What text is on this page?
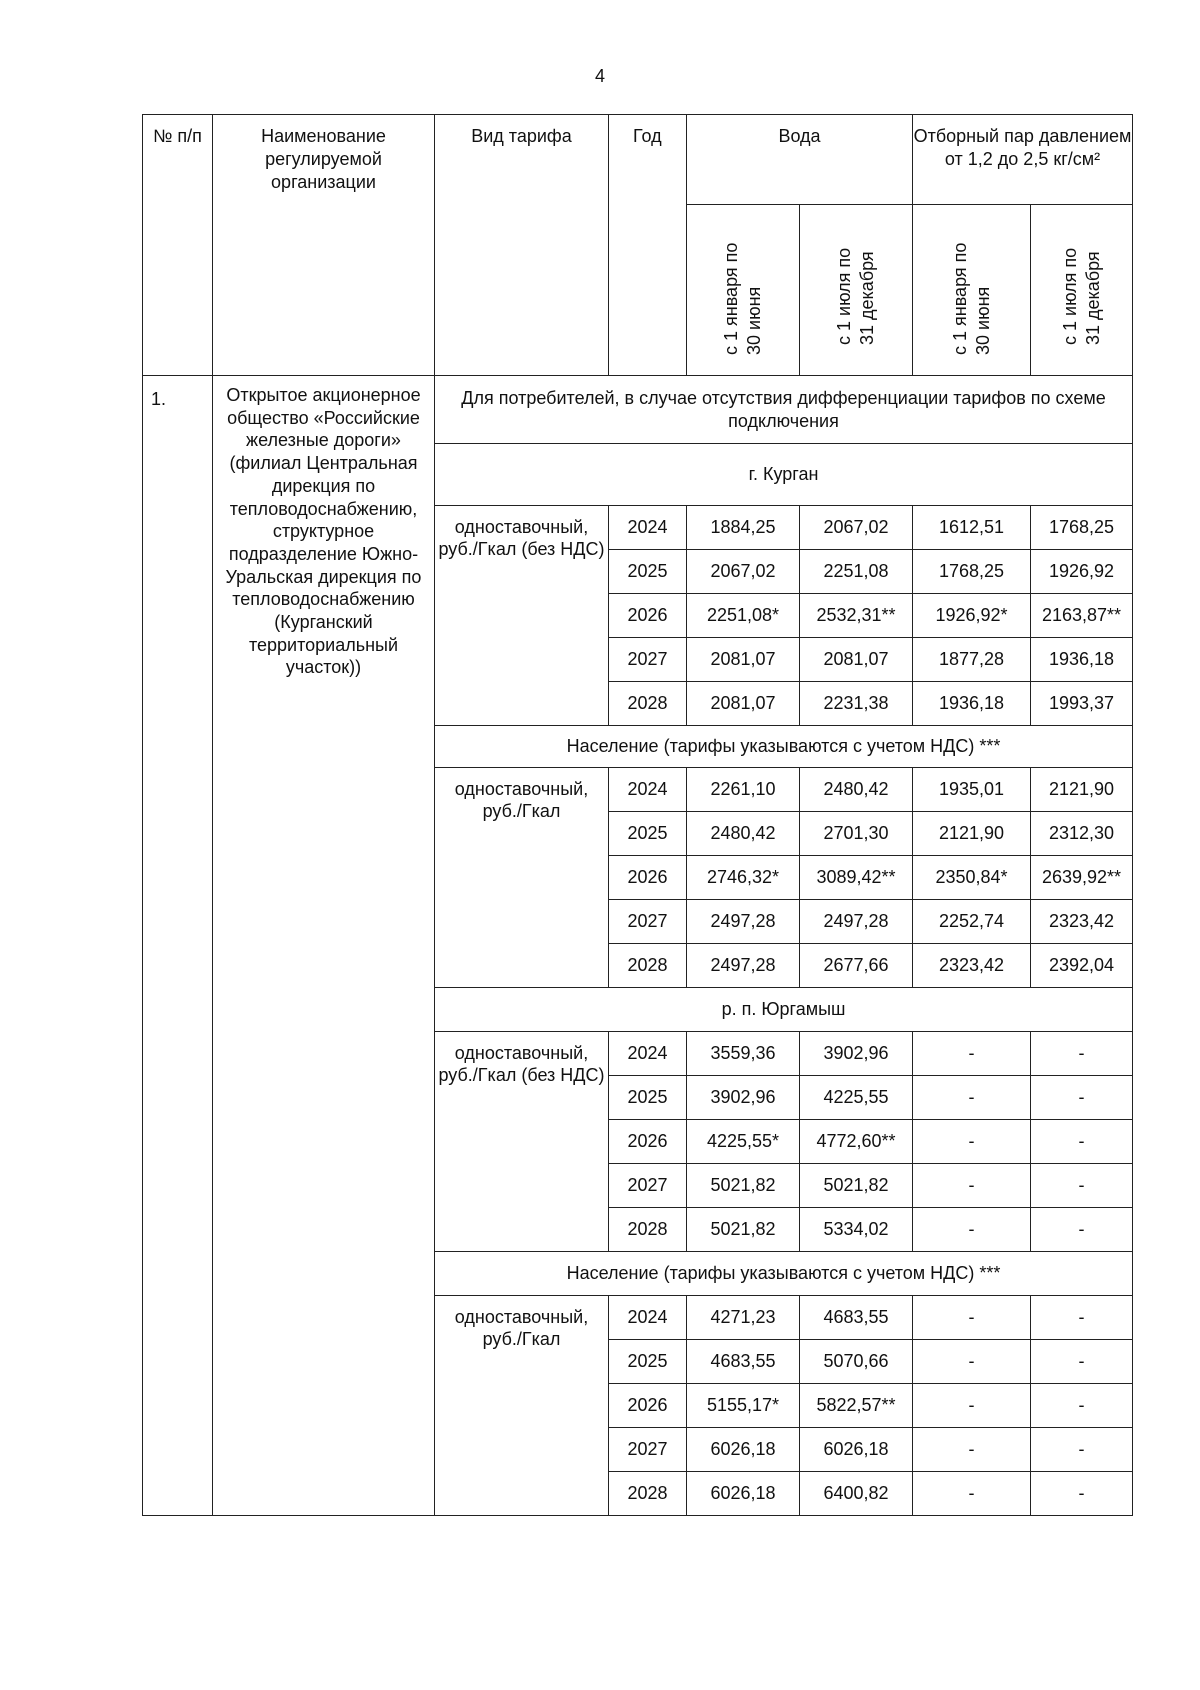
4
№ п/п	Наименование регулируемой организации	Вид тарифа	Год	Вода		Отборный пар давлением от 1,2 до 2,5 кг/см²	

				с 1 января по 30 июня	с 1 июля по 31 декабря	с 1 января по 30 июня	с 1 июля по 31 декабря

1.	Открытое акционерное общество «Российские железные дороги» (филиал Центральная дирекция по тепловодоснабжению, структурное подразделение Южно-Уральская дирекция по тепловодоснабжению (Курганский территориальный участок))	Для потребителей, в случае отсутствия дифференциации тарифов по схеме подключения					
		г. Курган					
		одноставочный, руб./Гкал (без НДС)	2024	1884,25	2067,02	1612,51	1768,25
			2025	2067,02	2251,08	1768,25	1926,92
			2026	2251,08*	2532,31**	1926,92*	2163,87**
			2027	2081,07	2081,07	1877,28	1936,18
			2028	2081,07	2231,38	1936,18	1993,37
		Население (тарифы указываются с учетом НДС) ***					
		одноставочный, руб./Гкал	2024	2261,10	2480,42	1935,01	2121,90
			2025	2480,42	2701,30	2121,90	2312,30
			2026	2746,32*	3089,42**	2350,84*	2639,92**
			2027	2497,28	2497,28	2252,74	2323,42
			2028	2497,28	2677,66	2323,42	2392,04
		р. п. Юргамыш					
		одноставочный, руб./Гкал (без НДС)	2024	3559,36	3902,96	-	-
			2025	3902,96	4225,55	-	-
			2026	4225,55*	4772,60**	-	-
			2027	5021,82	5021,82	-	-
			2028	5021,82	5334,02	-	-
		Население (тарифы указываются с учетом НДС) ***					
		одноставочный, руб./Гкал	2024	4271,23	4683,55	-	-
			2025	4683,55	5070,66	-	-
			2026	5155,17*	5822,57**	-	-
			2027	6026,18	6026,18	-	-
			2028	6026,18	6400,82	-	-
